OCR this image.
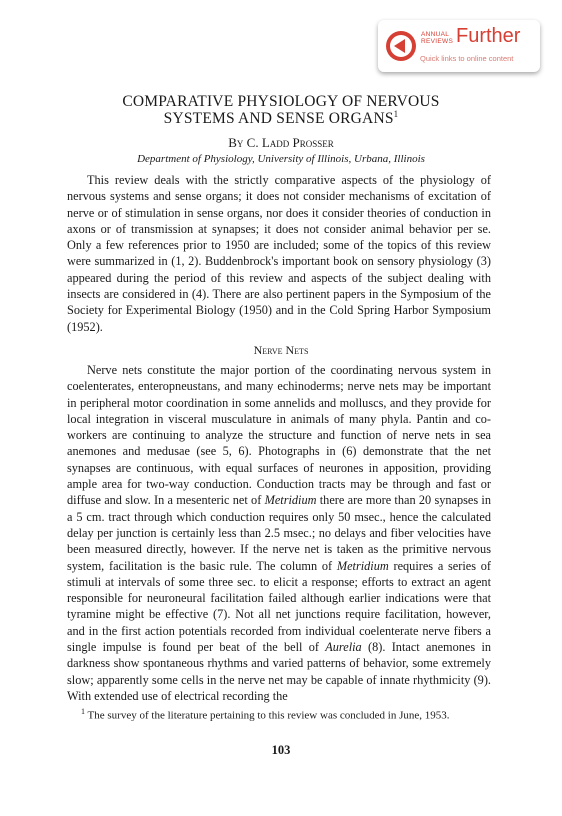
ANNUAL
REVIEWS Further
Quick links to online content
COMPARATIVE PHYSIOLOGY OF NERVOUS
SYSTEMS AND SENSE ORGANS$^1$
By C. Ladd Prosser
Department of Physiology, University of Illinois, Urbana, Illinois
This review deals with the strictly comparative aspects of the physiology of nervous systems and sense organs; it does not consider mechanisms of excitation of nerve or of stimulation in sense organs, nor does it consider theories of conduction in axons or of transmission at synapses; it does not consider animal behavior per se. Only a few references prior to 1950 are included; some of the topics of this review were summarized in (1, 2). Buddenbrock's important book on sensory physiology (3) appeared during the period of this review and aspects of the subject dealing with insects are considered in (4). There are also pertinent papers in the Symposium of the Society for Experimental Biology (1950) and in the Cold Spring Harbor Symposium (1952).
Nerve Nets
Nerve nets constitute the major portion of the coordinating nervous system in coelenterates, enteropneustans, and many echinoderms; nerve nets may be important in peripheral motor coordination in some annelids and molluscs, and they provide for local integration in visceral musculature in animals of many phyla. Pantin and co-workers are continuing to analyze the structure and function of nerve nets in sea anemones and medusae (see 5, 6). Photographs in (6) demonstrate that the net synapses are continuous, with equal surfaces of neurones in apposition, providing ample area for two-way conduction. Conduction tracts may be through and fast or diffuse and slow. In a mesenteric net of Metridium there are more than 20 synapses in a 5 cm. tract through which conduction requires only 50 msec., hence the calculated delay per junction is certainly less than 2.5 msec.; no delays and fiber velocities have been measured directly, however. If the nerve net is taken as the primitive nervous system, facilitation is the basic rule. The column of Metridium requires a series of stimuli at intervals of some three sec. to elicit a response; efforts to extract an agent responsible for neuroneural facilitation failed although earlier indications were that tyramine might be effective (7). Not all net junctions require facilitation, however, and in the first action potentials recorded from individual coelenterate nerve fibers a single impulse is found per beat of the bell of Aurelia (8). Intact anemones in darkness show spontaneous rhythms and varied patterns of behavior, some extremely slow; apparently some cells in the nerve net may be capable of innate rhythmicity (9). With extended use of electrical recording the
$^1$ The survey of the literature pertaining to this review was concluded in June, 1953.
103
